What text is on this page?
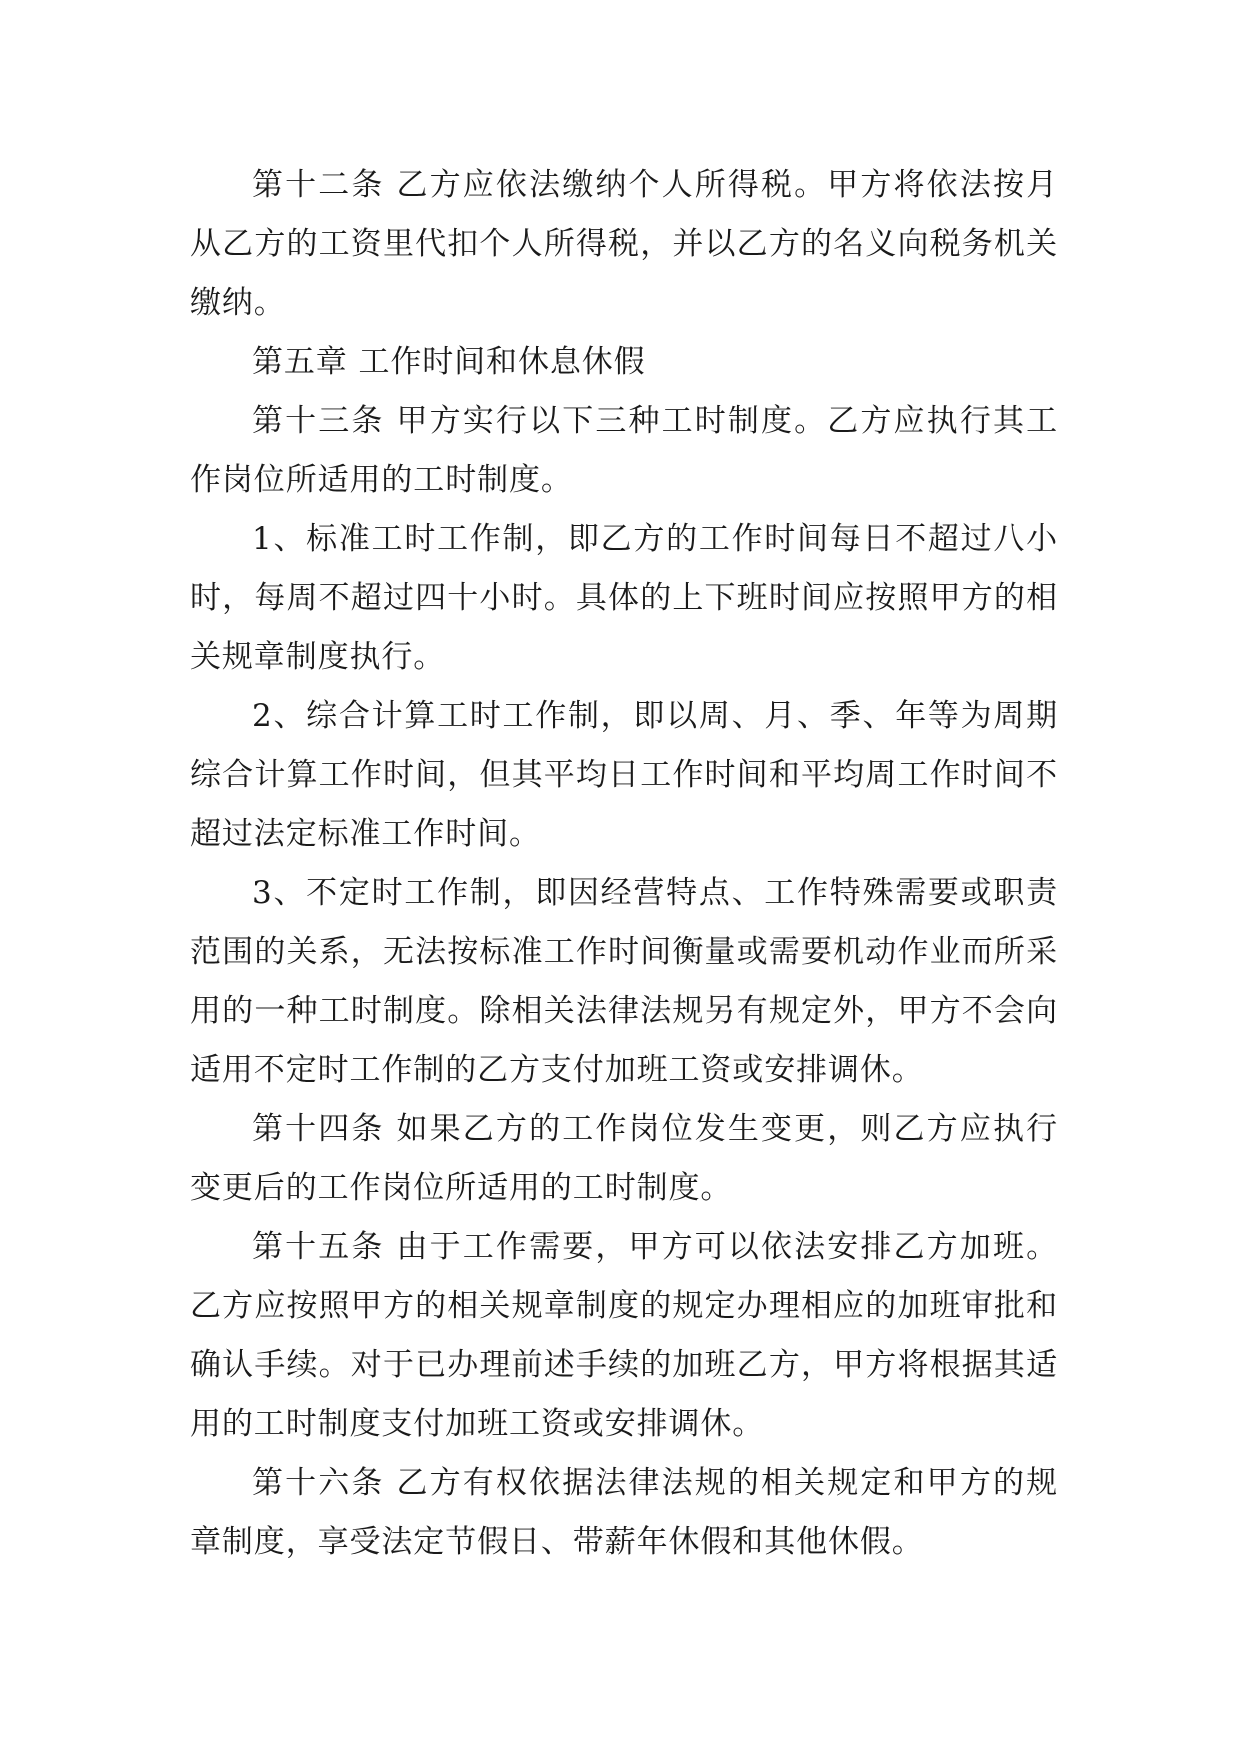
第十二条 乙方应依法缴纳个人所得税。甲方将依法按月从乙方的工资里代扣个人所得税，并以乙方的名义向税务机关缴纳。

第五章 工作时间和休息休假

第十三条 甲方实行以下三种工时制度。乙方应执行其工作岗位所适用的工时制度。

1、标准工时工作制，即乙方的工作时间每日不超过八小时，每周不超过四十小时。具体的上下班时间应按照甲方的相关规章制度执行。

2、综合计算工时工作制，即以周、月、季、年等为周期综合计算工作时间，但其平均日工作时间和平均周工作时间不超过法定标准工作时间。

3、不定时工作制，即因经营特点、工作特殊需要或职责范围的关系，无法按标准工作时间衡量或需要机动作业而所采用的一种工时制度。除相关法律法规另有规定外，甲方不会向适用不定时工作制的乙方支付加班工资或安排调休。

第十四条 如果乙方的工作岗位发生变更，则乙方应执行变更后的工作岗位所适用的工时制度。

第十五条 由于工作需要，甲方可以依法安排乙方加班。乙方应按照甲方的相关规章制度的规定办理相应的加班审批和确认手续。对于已办理前述手续的加班乙方，甲方将根据其适用的工时制度支付加班工资或安排调休。

第十六条 乙方有权依据法律法规的相关规定和甲方的规章制度，享受法定节假日、带薪年休假和其他休假。
